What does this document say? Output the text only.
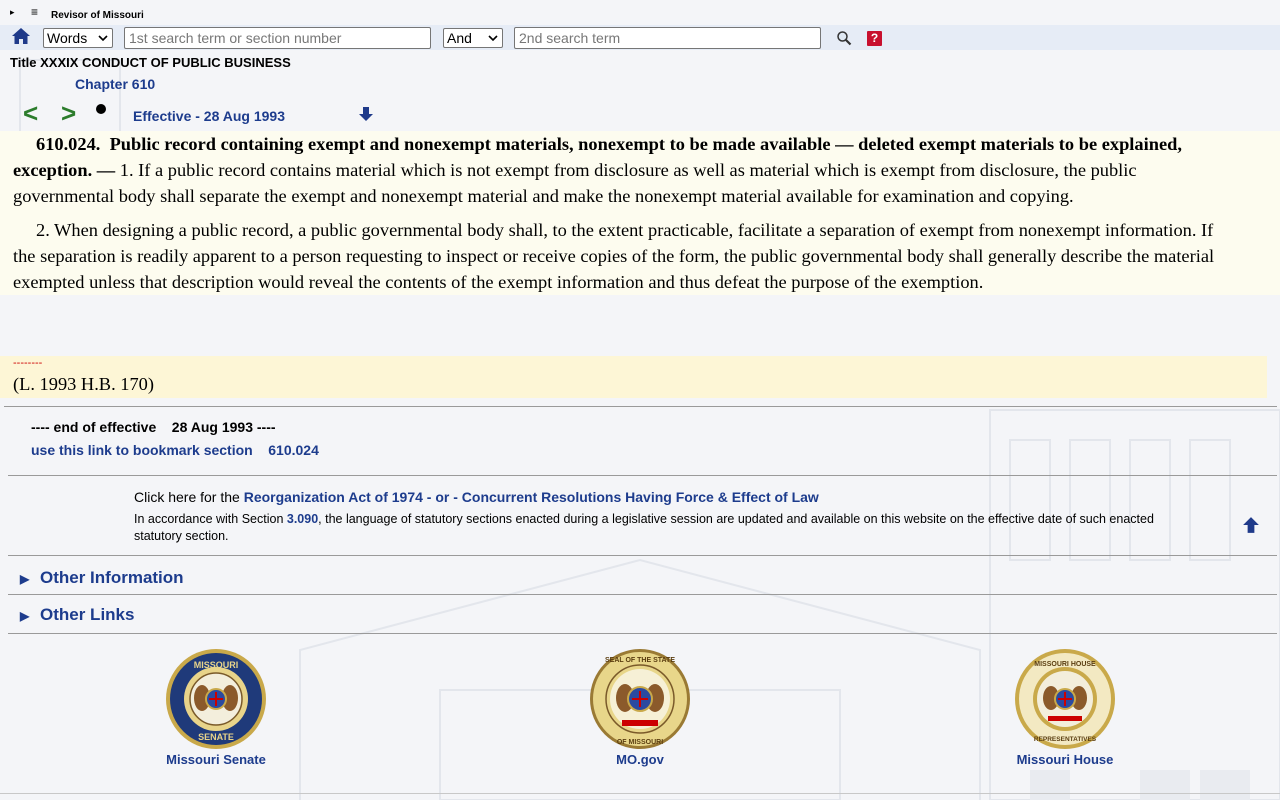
▸ ≡ Revisor of Missouri
Words	1st search term or section number	And	2nd search term	?
Title XXXIX CONDUCT OF PUBLIC BUSINESS
Chapter 610
< >	Effective - 28 Aug 1993

610.024. Public record containing exempt and nonexempt materials, nonexempt to be made available — deleted exempt materials to be explained, exception. — 1. If a public record contains material which is not exempt from disclosure as well as material which is exempt from disclosure, the public governmental body shall separate the exempt and nonexempt material and make the nonexempt material available for examination and copying.

2. When designing a public record, a public governmental body shall, to the extent practicable, facilitate a separation of exempt from nonexempt information. If the separation is readily apparent to a person requesting to inspect or receive copies of the form, the public governmental body shall generally describe the material exempted unless that description would reveal the contents of the exempt information and thus defeat the purpose of the exemption.

--------
(L. 1993 H.B. 170)
---- end of effective    28 Aug 1993 ----
use this link to bookmark section    610.024
Click here for the Reorganization Act of 1974 - or - Concurrent Resolutions Having Force & Effect of Law
In accordance with Section 3.090, the language of statutory sections enacted during a legislative session are updated and available on this website on the effective date of such enacted statutory section.
▶ Other Information
▶ Other Links
MISSOURI
SENATE
Missouri Senate
SEAL OF THE STATE
OF MISSOURI
MO.gov
MISSOURI HOUSE
REPRESENTATIVES
Missouri House
